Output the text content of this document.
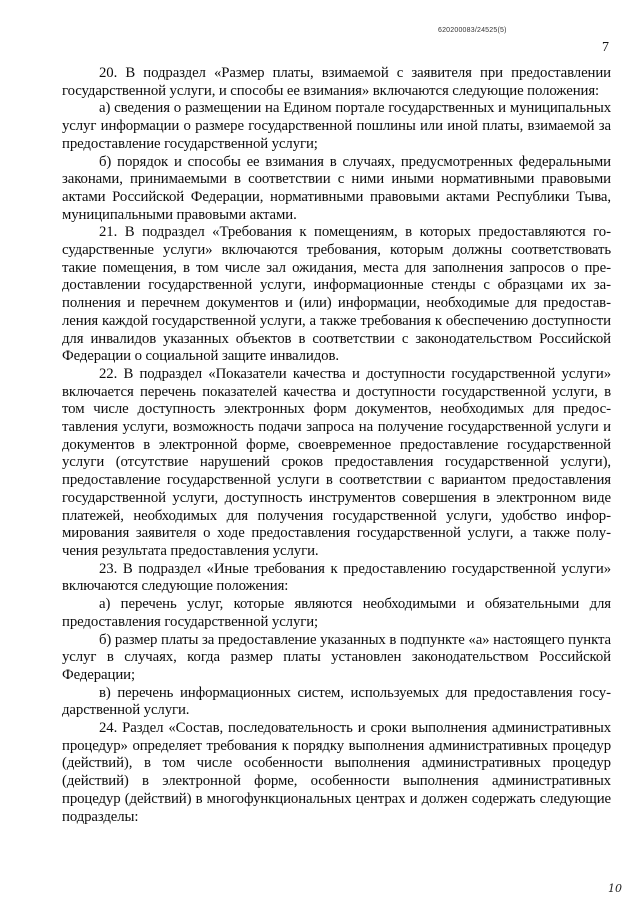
620200083/24525(5)
7

20. В подраздел «Размер платы, взимаемой с заявителя при предоставлении государственной услуги, и способы ее взимания» включаются следующие положения:

а) сведения о размещении на Едином портале государственных и муниципальных услуг информации о размере государственной пошлины или иной платы, взимаемой за предоставление государственной услуги;

б) порядок и способы ее взимания в случаях, предусмотренных федеральными законами, принимаемыми в соответствии с ними иными нормативными правовыми актами Российской Федерации, нормативными правовыми актами Республики Тыва, муниципальными правовыми актами.

21. В подраздел «Требования к помещениям, в которых предоставляются государственные услуги» включаются требования, которым должны соответствовать такие помещения, в том числе зал ожидания, места для заполнения запросов о предоставлении государственной услуги, информационные стенды с образцами их заполнения и перечнем документов и (или) информации, необходимые для предоставления каждой государственной услуги, а также требования к обеспечению доступности для инвалидов указанных объектов в соответствии с законодательством Российской Федерации о социальной защите инвалидов.

22. В подраздел «Показатели качества и доступности государственной услуги» включается перечень показателей качества и доступности государственной услуги, в том числе доступность электронных форм документов, необходимых для предоставления услуги, возможность подачи запроса на получение государственной услуги и документов в электронной форме, своевременное предоставление государственной услуги (отсутствие нарушений сроков предоставления государственной услуги), предоставление государственной услуги в соответствии с вариантом предоставления государственной услуги, доступность инструментов совершения в электронном виде платежей, необходимых для получения государственной услуги, удобство информирования заявителя о ходе предоставления государственной услуги, а также получения результата предоставления услуги.

23. В подраздел «Иные требования к предоставлению государственной услуги» включаются следующие положения:

а) перечень услуг, которые являются необходимыми и обязательными для предоставления государственной услуги;

б) размер платы за предоставление указанных в подпункте «а» настоящего пункта услуг в случаях, когда размер платы установлен законодательством Российской Федерации;

в) перечень информационных систем, используемых для предоставления государственной услуги.

24. Раздел «Состав, последовательность и сроки выполнения административных процедур» определяет требования к порядку выполнения административных процедур (действий), в том числе особенности выполнения административных процедур (действий) в электронной форме, особенности выполнения административных процедур (действий) в многофункциональных центрах и должен содержать следующие подразделы:

10
